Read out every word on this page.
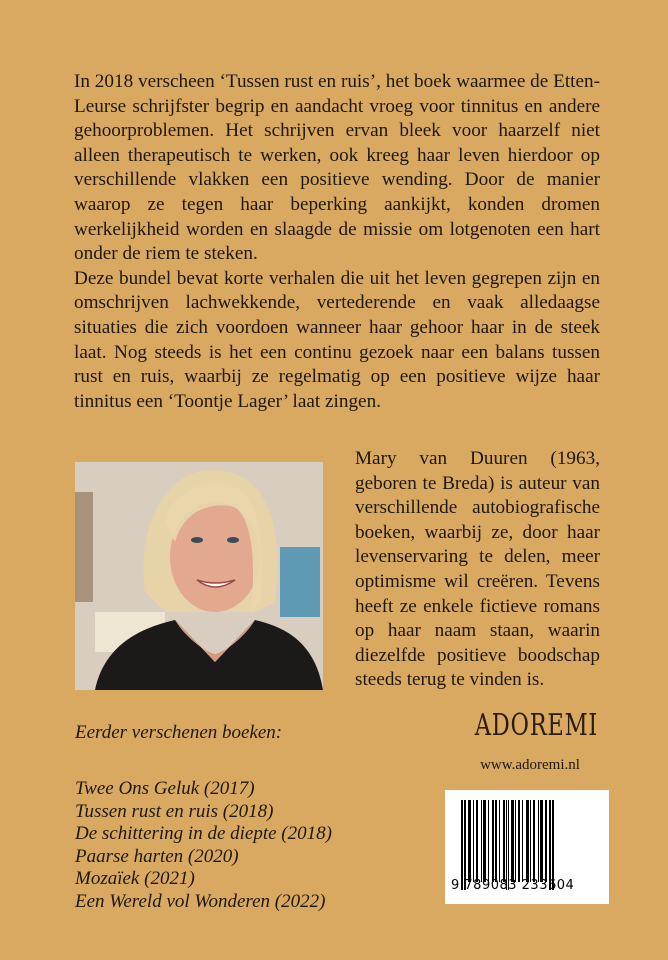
In 2018 verscheen ‘Tussen rust en ruis’, het boek waarmee de Etten-Leurse schrijfster begrip en aandacht vroeg voor tinnitus en andere gehoorproblemen. Het schrijven ervan bleek voor haarzelf niet alleen therapeutisch te werken, ook kreeg haar leven hierdoor op verschillende vlakken een positieve wending. Door de manier waarop ze tegen haar beperking aankijkt, konden dromen werkelijkheid worden en slaagde de missie om lotgenoten een hart onder de riem te steken.

Deze bundel bevat korte verhalen die uit het leven gegrepen zijn en omschrijven lachwekkende, vertederende en vaak alledaagse situaties die zich voordoen wanneer haar gehoor haar in de steek laat. Nog steeds is het een continu gezoek naar een balans tussen rust en ruis, waarbij ze regelmatig op een positieve wijze haar tinnitus een ‘Toontje Lager’ laat zingen.

Mary van Duuren (1963, geboren te Breda) is auteur van verschillende autobiografische boeken, waarbij ze, door haar levenservaring te delen, meer optimisme wil creëren. Tevens heeft ze enkele fictieve romans op haar naam staan, waarin diezelfde positieve boodschap steeds terug te vinden is.
Eerder verschenen boeken:
Twee Ons Geluk (2017)
Tussen rust en ruis (2018)
De schittering in de diepte (2018)
Paarse harten (2020)
Mozaïek (2021)
Een Wereld vol Wonderen (2022)
ADOREMI
www.adoremi.nl
9 789083 233604
